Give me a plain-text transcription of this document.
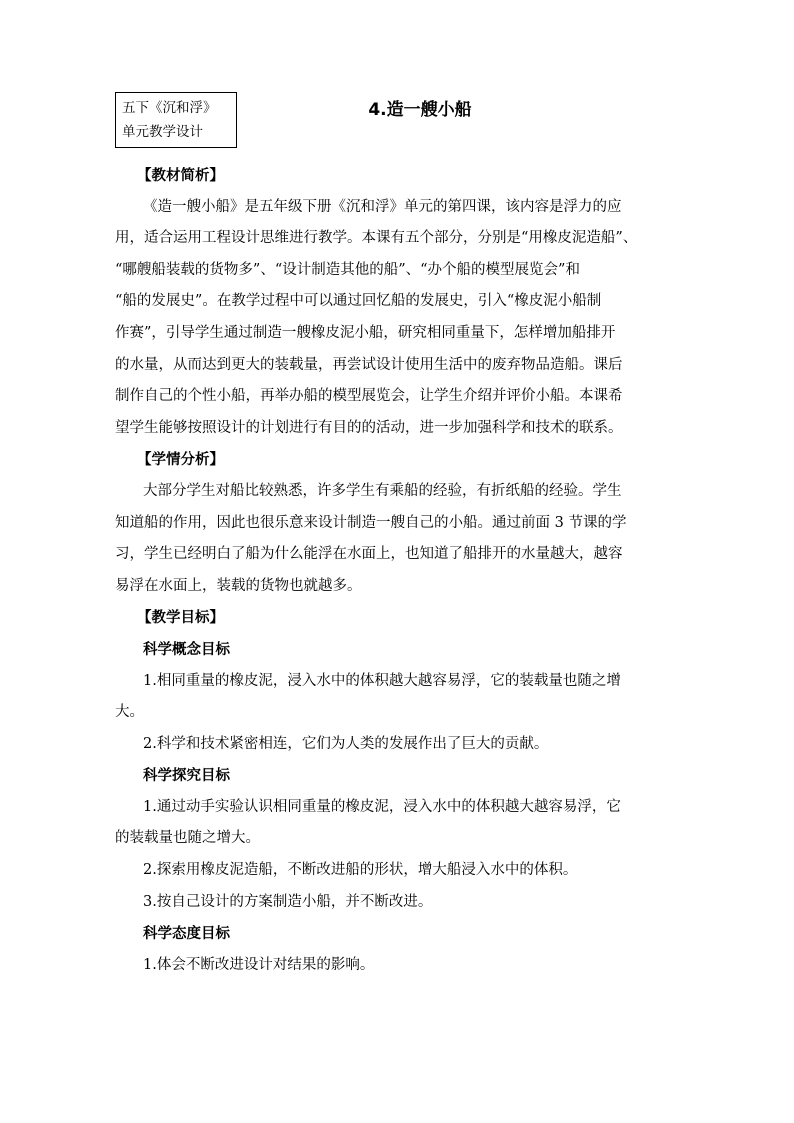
五下《沉和浮》
单元教学设计
4.造一艘小船
【教材简析】
《造一艘小船》是五年级下册《沉和浮》单元的第四课，该内容是浮力的应
用，适合运用工程设计思维进行教学。本课有五个部分，分别是“用橡皮泥造船”、
“哪艘船装载的货物多”、“设计制造其他的船”、“办个船的模型展览会”和
“船的发展史”。在教学过程中可以通过回忆船的发展史，引入“橡皮泥小船制
作赛”，引导学生通过制造一艘橡皮泥小船，研究相同重量下，怎样增加船排开
的水量，从而达到更大的装载量，再尝试设计使用生活中的废弃物品造船。课后
制作自己的个性小船，再举办船的模型展览会，让学生介绍并评价小船。本课希
望学生能够按照设计的计划进行有目的的活动，进一步加强科学和技术的联系。
【学情分析】
大部分学生对船比较熟悉，许多学生有乘船的经验，有折纸船的经验。学生
知道船的作用，因此也很乐意来设计制造一艘自己的小船。通过前面 3 节课的学
习，学生已经明白了船为什么能浮在水面上，也知道了船排开的水量越大，越容
易浮在水面上，装载的货物也就越多。
【教学目标】
科学概念目标
1.相同重量的橡皮泥，浸入水中的体积越大越容易浮，它的装载量也随之增
大。
2.科学和技术紧密相连，它们为人类的发展作出了巨大的贡献。
科学探究目标
1.通过动手实验认识相同重量的橡皮泥，浸入水中的体积越大越容易浮，它
的装载量也随之增大。
2.探索用橡皮泥造船，不断改进船的形状，增大船浸入水中的体积。
3.按自己设计的方案制造小船，并不断改进。
科学态度目标
1.体会不断改进设计对结果的影响。
